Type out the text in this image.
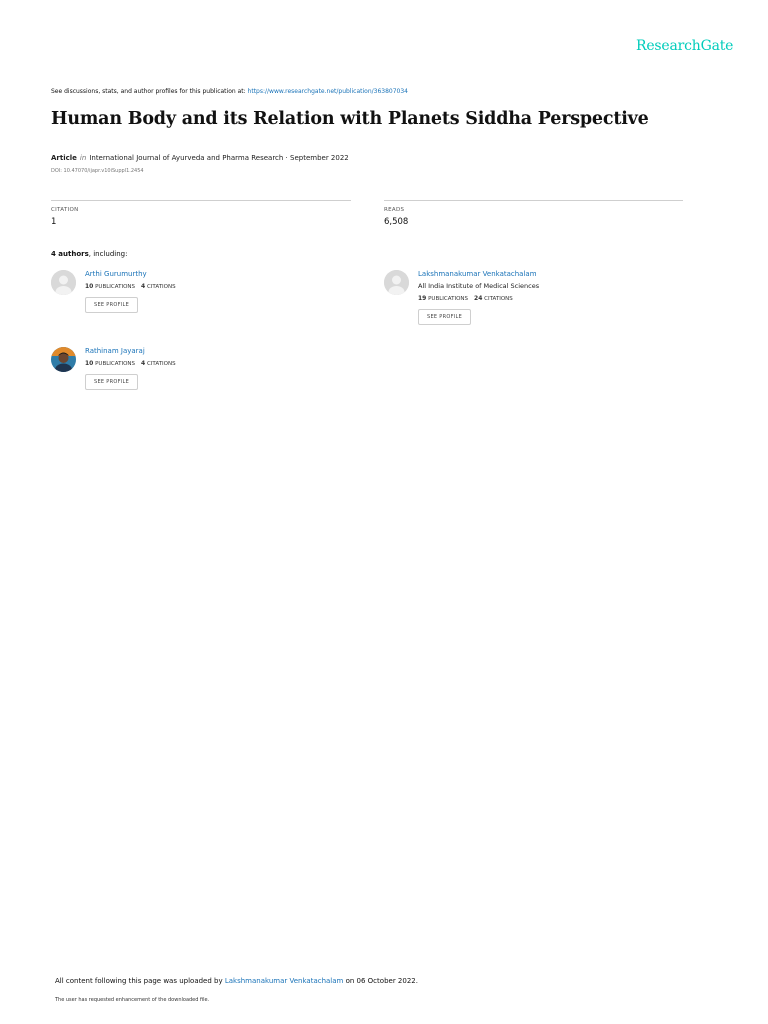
ResearchGate
See discussions, stats, and author profiles for this publication at: https://www.researchgate.net/publication/363807034
Human Body and its Relation with Planets Siddha Perspective
Article in International Journal of Ayurveda and Pharma Research · September 2022
DOI: 10.47070/ijapr.v10iSuppl1.2454
CITATION
1
READS
6,508
4 authors, including:
Arthi Gurumurthy
10 PUBLICATIONS 4 CITATIONS
SEE PROFILE
Lakshmanakumar Venkatachalam
All India Institute of Medical Sciences
19 PUBLICATIONS 24 CITATIONS
SEE PROFILE
Rathinam Jayaraj
10 PUBLICATIONS 4 CITATIONS
SEE PROFILE
All content following this page was uploaded by Lakshmanakumar Venkatachalam on 06 October 2022.
The user has requested enhancement of the downloaded file.
